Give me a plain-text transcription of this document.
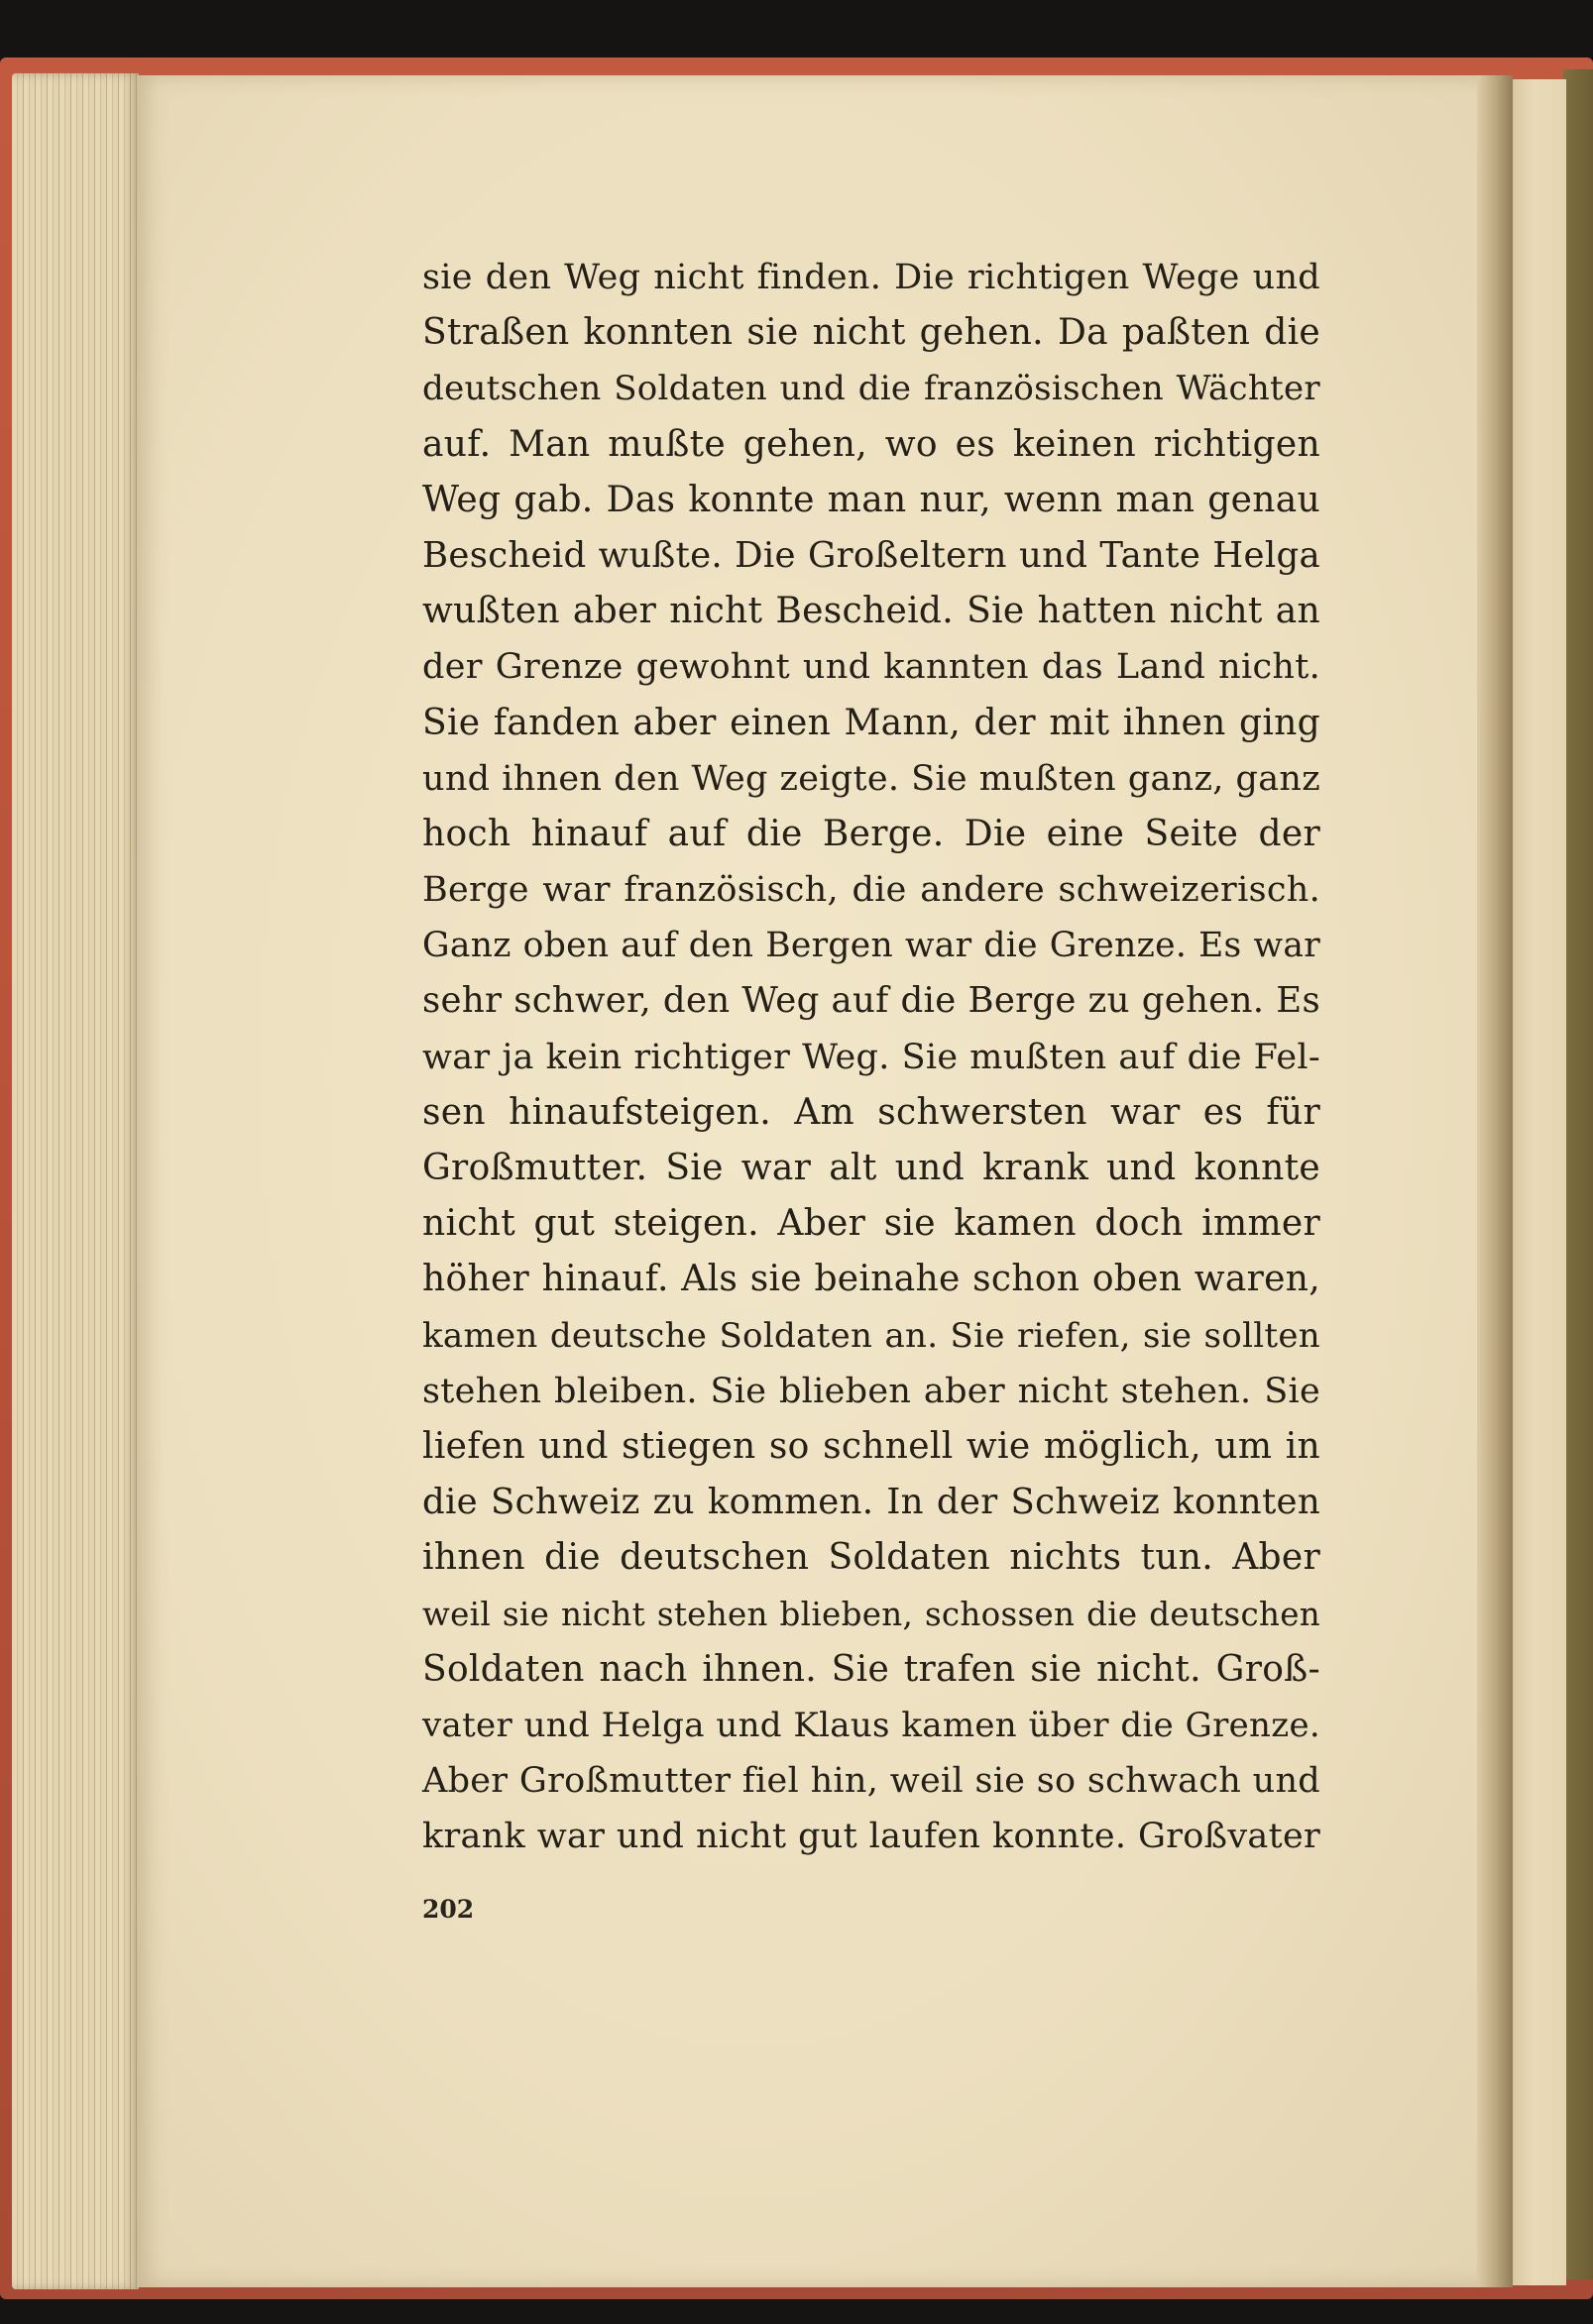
sie den Weg nicht finden. Die richtigen Wege und
Straßen konnten sie nicht gehen. Da paßten die
deutschen Soldaten und die französischen Wächter
auf. Man mußte gehen, wo es keinen richtigen
Weg gab. Das konnte man nur, wenn man genau
Bescheid wußte. Die Großeltern und Tante Helga
wußten aber nicht Bescheid. Sie hatten nicht an
der Grenze gewohnt und kannten das Land nicht.
Sie fanden aber einen Mann, der mit ihnen ging
und ihnen den Weg zeigte. Sie mußten ganz, ganz
hoch hinauf auf die Berge. Die eine Seite der
Berge war französisch, die andere schweizerisch.
Ganz oben auf den Bergen war die Grenze. Es war
sehr schwer, den Weg auf die Berge zu gehen. Es
war ja kein richtiger Weg. Sie mußten auf die Fel-
sen hinaufsteigen. Am schwersten war es für
Großmutter. Sie war alt und krank und konnte
nicht gut steigen. Aber sie kamen doch immer
höher hinauf. Als sie beinahe schon oben waren,
kamen deutsche Soldaten an. Sie riefen, sie sollten
stehen bleiben. Sie blieben aber nicht stehen. Sie
liefen und stiegen so schnell wie möglich, um in
die Schweiz zu kommen. In der Schweiz konnten
ihnen die deutschen Soldaten nichts tun. Aber
weil sie nicht stehen blieben, schossen die deutschen
Soldaten nach ihnen. Sie trafen sie nicht. Groß-
vater und Helga und Klaus kamen über die Grenze.
Aber Großmutter fiel hin, weil sie so schwach und
krank war und nicht gut laufen konnte. Großvater
202
